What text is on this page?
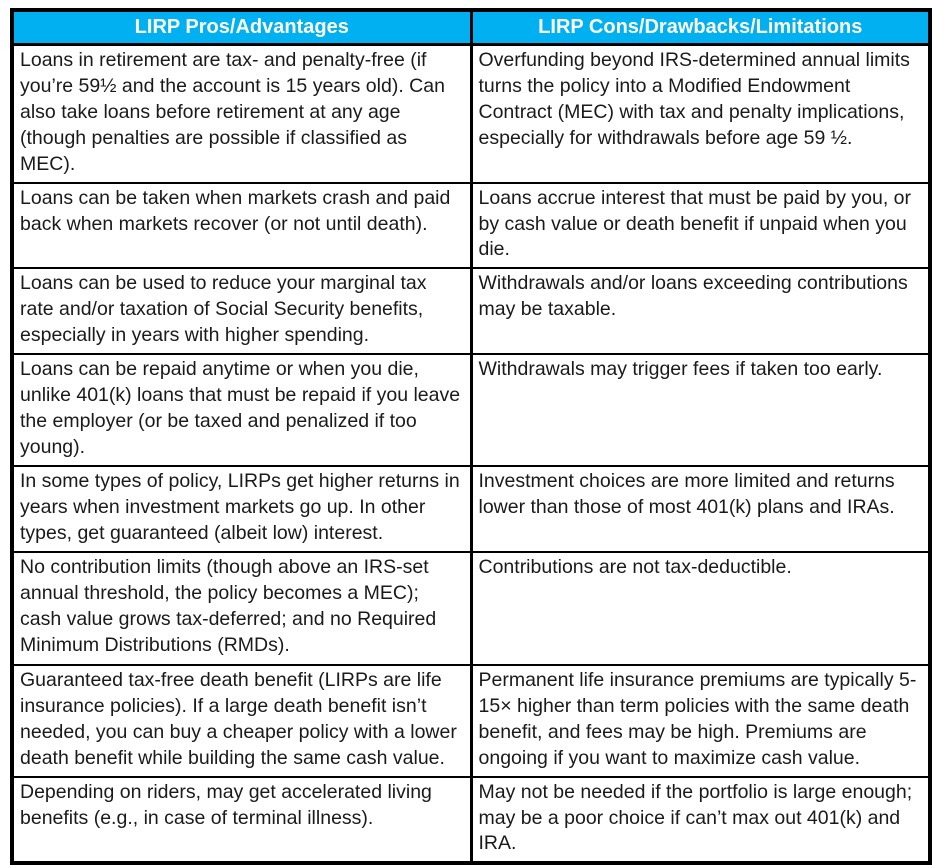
LIRP Pros/Advantages	LIRP Cons/Drawbacks/Limitations
Loans in retirement are tax- and penalty-free (if you’re 59½ and the account is 15 years old). Can also take loans before retirement at any age (though penalties are possible if classified as MEC).	Overfunding beyond IRS-determined annual limits turns the policy into a Modified Endowment Contract (MEC) with tax and penalty implications, especially for withdrawals before age 59 ½.
Loans can be taken when markets crash and paid back when markets recover (or not until death).	Loans accrue interest that must be paid by you, or by cash value or death benefit if unpaid when you die.
Loans can be used to reduce your marginal tax rate and/or taxation of Social Security benefits, especially in years with higher spending.	Withdrawals and/or loans exceeding contributions may be taxable.
Loans can be repaid anytime or when you die, unlike 401(k) loans that must be repaid if you leave the employer (or be taxed and penalized if too young).	Withdrawals may trigger fees if taken too early.
In some types of policy, LIRPs get higher returns in years when investment markets go up. In other types, get guaranteed (albeit low) interest.	Investment choices are more limited and returns lower than those of most 401(k) plans and IRAs.
No contribution limits (though above an IRS-set annual threshold, the policy becomes a MEC); cash value grows tax-deferred; and no Required Minimum Distributions (RMDs).	Contributions are not tax-deductible.
Guaranteed tax-free death benefit (LIRPs are life insurance policies). If a large death benefit isn’t needed, you can buy a cheaper policy with a lower death benefit while building the same cash value.	Permanent life insurance premiums are typically 5-15× higher than term policies with the same death benefit, and fees may be high. Premiums are ongoing if you want to maximize cash value.
Depending on riders, may get accelerated living benefits (e.g., in case of terminal illness).	May not be needed if the portfolio is large enough; may be a poor choice if can’t max out 401(k) and IRA.
